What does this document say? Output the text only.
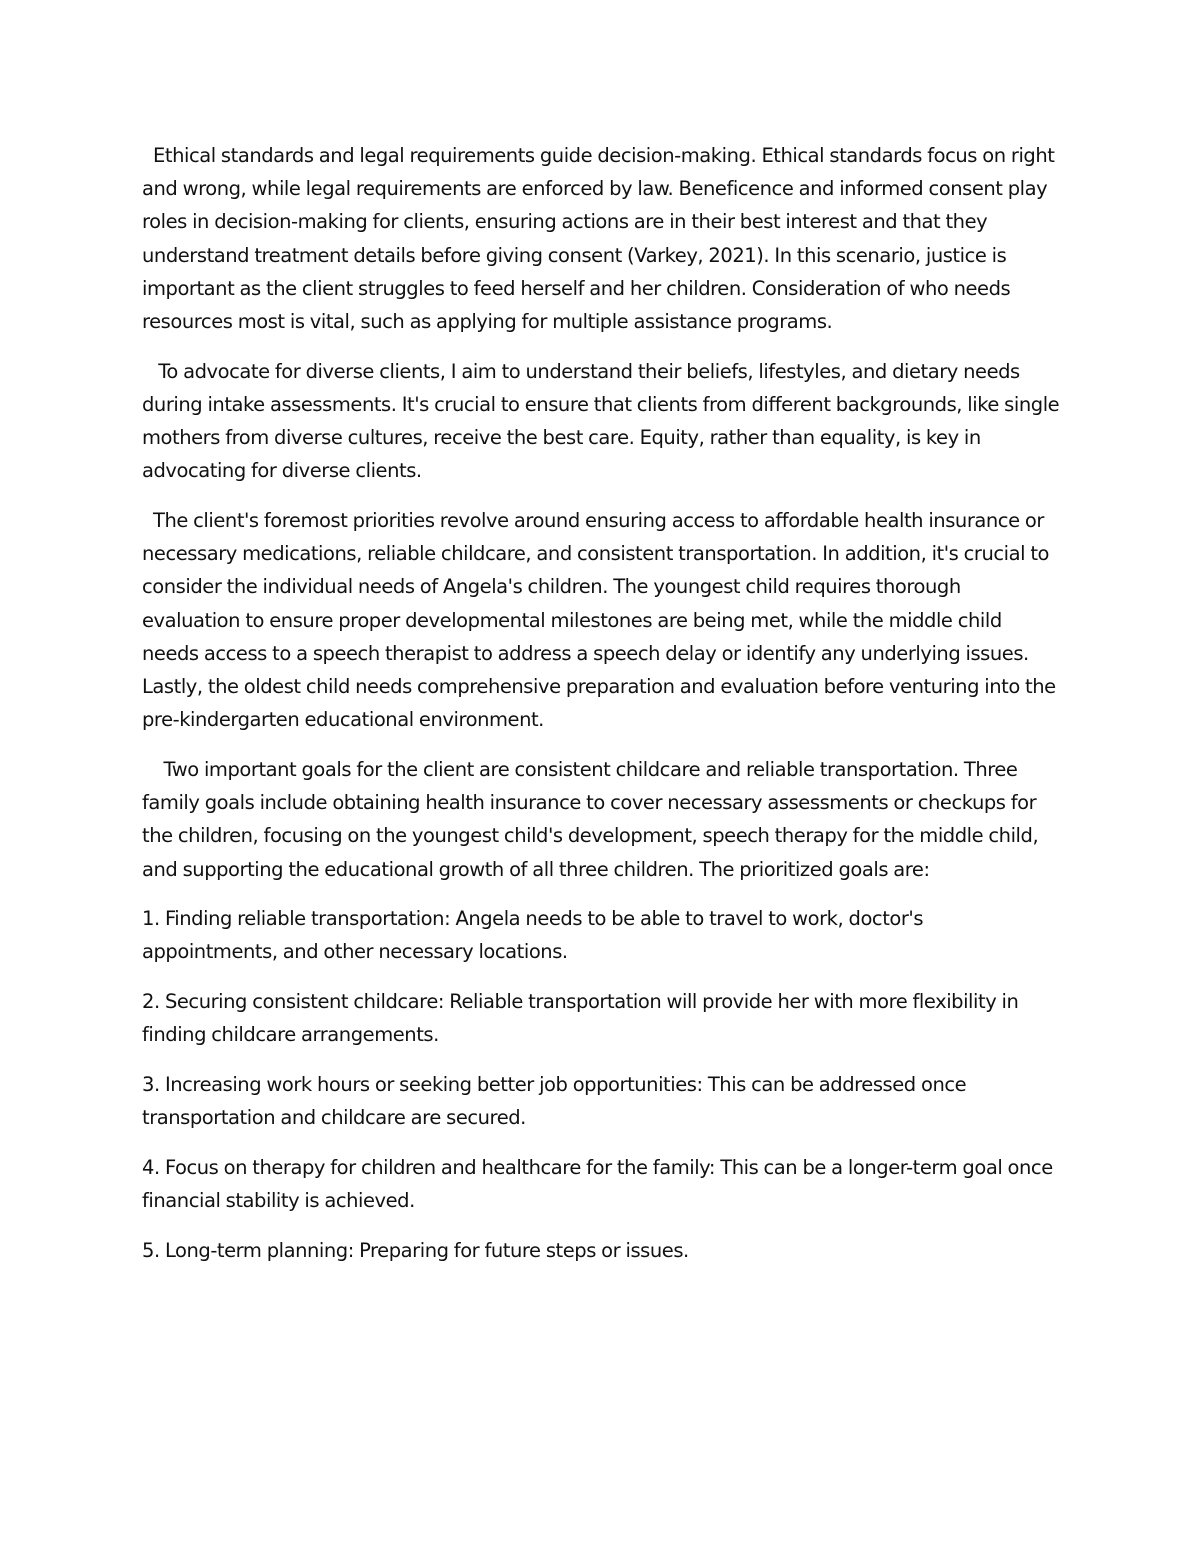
Ethical standards and legal requirements guide decision-making. Ethical standards focus on right and wrong, while legal requirements are enforced by law. Beneficence and informed consent play roles in decision-making for clients, ensuring actions are in their best interest and that they understand treatment details before giving consent (Varkey, 2021). In this scenario, justice is important as the client struggles to feed herself and her children. Consideration of who needs resources most is vital, such as applying for multiple assistance programs.

To advocate for diverse clients, I aim to understand their beliefs, lifestyles, and dietary needs during intake assessments. It's crucial to ensure that clients from different backgrounds, like single mothers from diverse cultures, receive the best care. Equity, rather than equality, is key in advocating for diverse clients.

The client's foremost priorities revolve around ensuring access to affordable health insurance or necessary medications, reliable childcare, and consistent transportation. In addition, it's crucial to consider the individual needs of Angela's children. The youngest child requires thorough evaluation to ensure proper developmental milestones are being met, while the middle child needs access to a speech therapist to address a speech delay or identify any underlying issues. Lastly, the oldest child needs comprehensive preparation and evaluation before venturing into the pre-kindergarten educational environment.

Two important goals for the client are consistent childcare and reliable transportation. Three family goals include obtaining health insurance to cover necessary assessments or checkups for the children, focusing on the youngest child's development, speech therapy for the middle child, and supporting the educational growth of all three children. The prioritized goals are:

1. Finding reliable transportation: Angela needs to be able to travel to work, doctor's appointments, and other necessary locations.

2. Securing consistent childcare: Reliable transportation will provide her with more flexibility in finding childcare arrangements.

3. Increasing work hours or seeking better job opportunities: This can be addressed once transportation and childcare are secured.

4. Focus on therapy for children and healthcare for the family: This can be a longer-term goal once financial stability is achieved.

5. Long-term planning: Preparing for future steps or issues.
